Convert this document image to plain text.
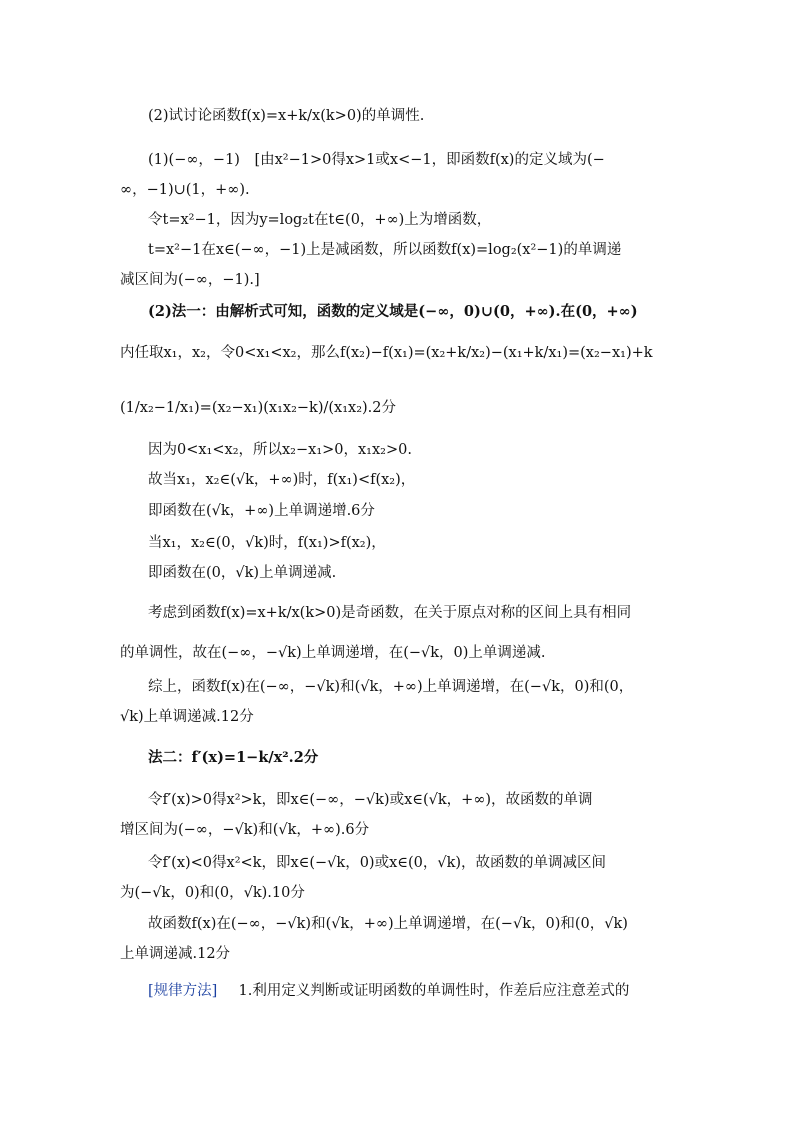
(2)试讨论函数f(x)=x+k/x(k>0)的单调性.
(1)(−∞，−1)　[由x²−1>0得x>1或x<−1，即函数f(x)的定义域为(−
∞，−1)∪(1，+∞).
令t=x²−1，因为y=log₂t在t∈(0，+∞)上为增函数，
t=x²−1在x∈(−∞，−1)上是减函数，所以函数f(x)=log₂(x²−1)的单调递
减区间为(−∞，−1).]
(2)法一：由解析式可知，函数的定义域是(−∞，0)∪(0，+∞).在(0，+∞)
内任取x₁，x₂，令0<x₁<x₂，那么f(x₂)−f(x₁)=(x₂+k/x₂)−(x₁+k/x₁)=(x₂−x₁)+k
(1/x₂−1/x₁)=(x₂−x₁)(x₁x₂−k)/(x₁x₂).2分
因为0<x₁<x₂，所以x₂−x₁>0，x₁x₂>0.
故当x₁，x₂∈(√k，+∞)时，f(x₁)<f(x₂)，
即函数在(√k，+∞)上单调递增.6分
当x₁，x₂∈(0，√k)时，f(x₁)>f(x₂)，
即函数在(0，√k)上单调递减.
考虑到函数f(x)=x+k/x(k>0)是奇函数，在关于原点对称的区间上具有相同
的单调性，故在(−∞，−√k)上单调递增，在(−√k，0)上单调递减.
综上，函数f(x)在(−∞，−√k)和(√k，+∞)上单调递增，在(−√k，0)和(0，
√k)上单调递减.12分
法二：f′(x)=1−k/x².2分
令f′(x)>0得x²>k，即x∈(−∞，−√k)或x∈(√k，+∞)，故函数的单调
增区间为(−∞，−√k)和(√k，+∞).6分
令f′(x)<0得x²<k，即x∈(−√k，0)或x∈(0，√k)，故函数的单调减区间
为(−√k，0)和(0，√k).10分
故函数f(x)在(−∞，−√k)和(√k，+∞)上单调递增，在(−√k，0)和(0，√k)
上单调递减.12分
[规律方法] 1.利用定义判断或证明函数的单调性时，作差后应注意差式的
